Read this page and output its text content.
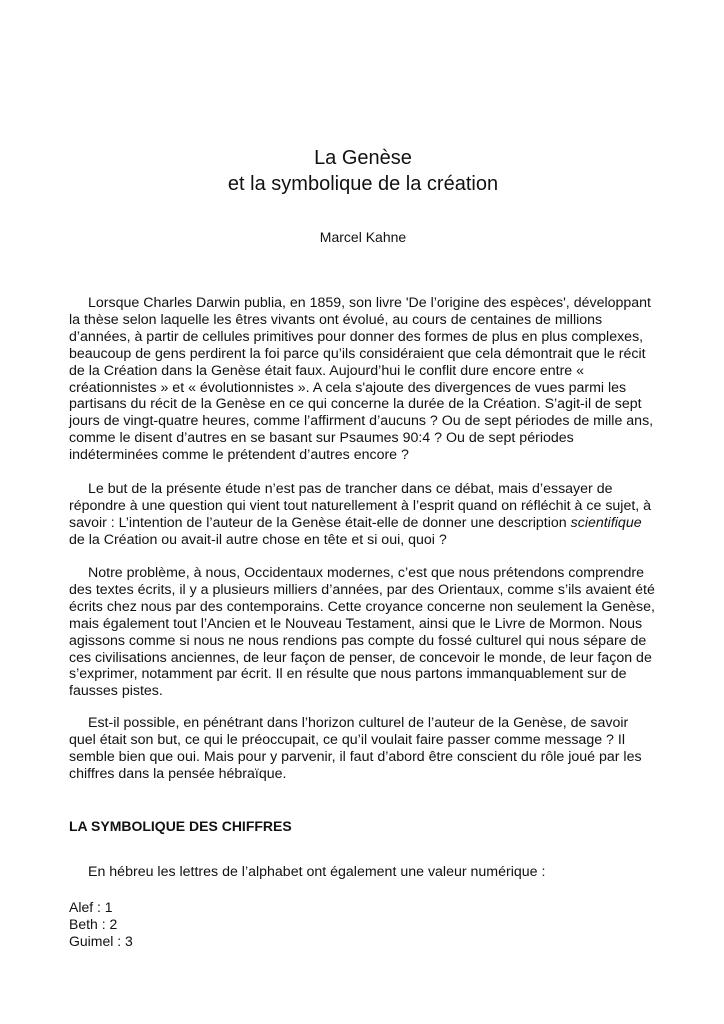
La Genèse
et la symbolique de la création

Marcel Kahne

Lorsque Charles Darwin publia, en 1859, son livre 'De l’origine des espèces', développant la thèse selon laquelle les êtres vivants ont évolué, au cours de centaines de millions d’années, à partir de cellules primitives pour donner des formes de plus en plus complexes, beaucoup de gens perdirent la foi parce qu’ils considéraient que cela démontrait que le récit de la Création dans la Genèse était faux. Aujourd’hui le conflit dure encore entre « créationnistes » et « évolutionnistes ». A cela s'ajoute des divergences de vues parmi les partisans du récit de la Genèse en ce qui concerne la durée de la Création. S’agit-il de sept jours de vingt-quatre heures, comme l’affirment d’aucuns ? Ou de sept périodes de mille ans, comme le disent d’autres en se basant sur Psaumes 90:4 ? Ou de sept périodes indéterminées comme le prétendent d’autres encore ?

Le but de la présente étude n’est pas de trancher dans ce débat, mais d’essayer de répondre à une question qui vient tout naturellement à l’esprit quand on réfléchit à ce sujet, à savoir : L’intention de l’auteur de la Genèse était-elle de donner une description scientifique de la Création ou avait-il autre chose en tête et si oui, quoi ?

Notre problème, à nous, Occidentaux modernes, c’est que nous prétendons comprendre des textes écrits, il y a plusieurs milliers d’années, par des Orientaux, comme s’ils avaient été écrits chez nous par des contemporains. Cette croyance concerne non seulement la Genèse, mais également tout l’Ancien et le Nouveau Testament, ainsi que le Livre de Mormon. Nous agissons comme si nous ne nous rendions pas compte du fossé culturel qui nous sépare de ces civilisations anciennes, de leur façon de penser, de concevoir le monde, de leur façon de s’exprimer, notamment par écrit. Il en résulte que nous partons immanquablement sur de fausses pistes.

Est-il possible, en pénétrant dans l’horizon culturel de l’auteur de la Genèse, de savoir quel était son but, ce qui le préoccupait, ce qu’il voulait faire passer comme message ? Il semble bien que oui. Mais pour y parvenir, il faut d’abord être conscient du rôle joué par les chiffres dans la pensée hébraïque.

LA SYMBOLIQUE DES CHIFFRES

En hébreu les lettres de l’alphabet ont également une valeur numérique :

Alef : 1
Beth : 2
Guimel : 3
